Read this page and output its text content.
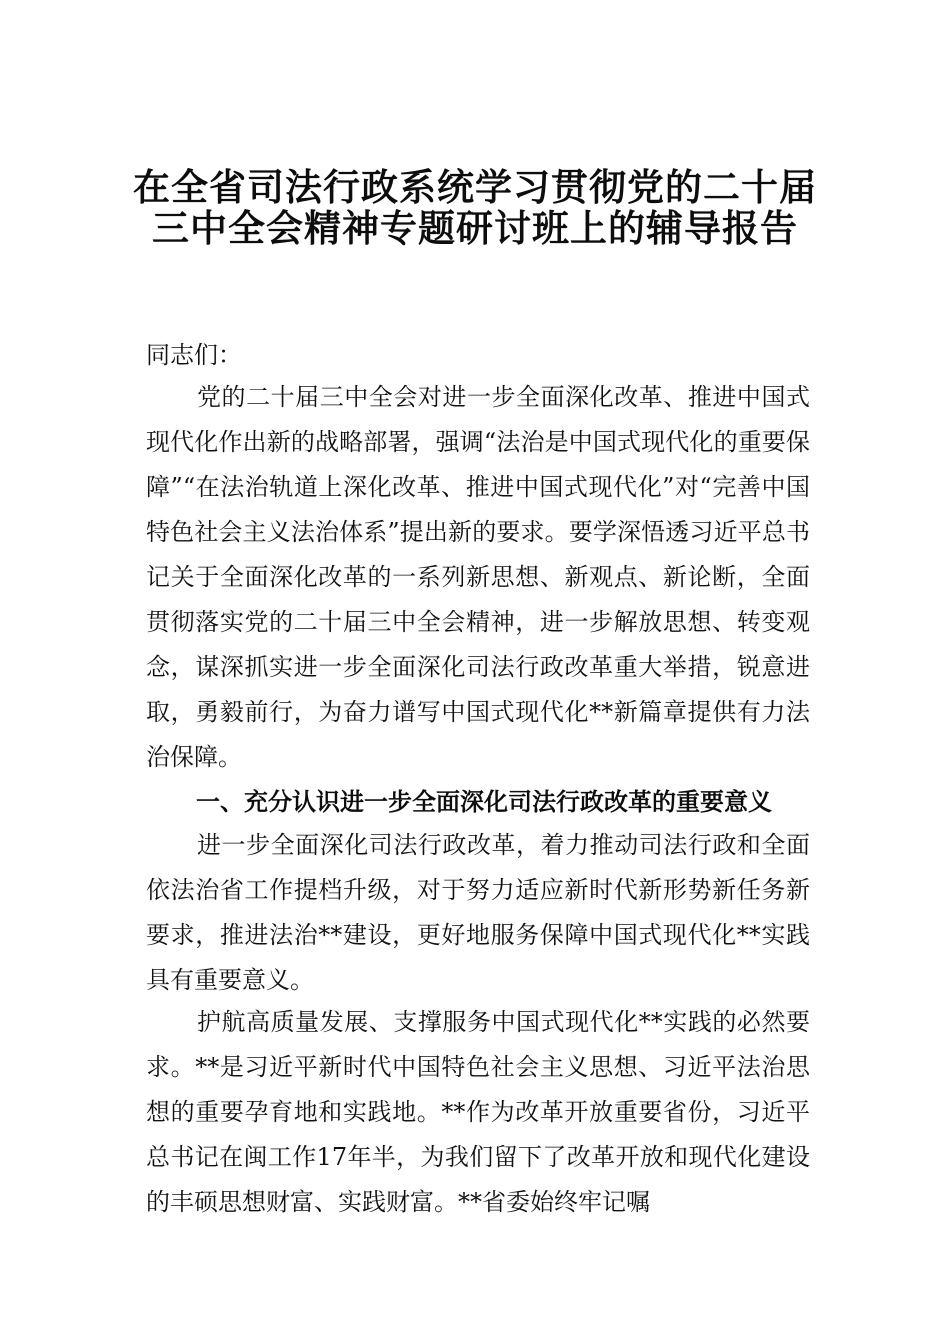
在全省司法行政系统学习贯彻党的二十届
三中全会精神专题研讨班上的辅导报告
同志们：
党的二十届三中全会对进一步全面深化改革、推进中国式现代化作出新的战略部署，强调“法治是中国式现代化的重要保障”“在法治轨道上深化改革、推进中国式现代化”对“完善中国特色社会主义法治体系”提出新的要求。要学深悟透习近平总书记关于全面深化改革的一系列新思想、新观点、新论断，全面贯彻落实党的二十届三中全会精神，进一步解放思想、转变观念，谋深抓实进一步全面深化司法行政改革重大举措，锐意进取，勇毅前行，为奋力谱写中国式现代化**新篇章提供有力法治保障。
一、充分认识进一步全面深化司法行政改革的重要意义
进一步全面深化司法行政改革，着力推动司法行政和全面依法治省工作提档升级，对于努力适应新时代新形势新任务新要求，推进法治**建设，更好地服务保障中国式现代化**实践具有重要意义。
护航高质量发展、支撑服务中国式现代化**实践的必然要求。**是习近平新时代中国特色社会主义思想、习近平法治思想的重要孕育地和实践地。**作为改革开放重要省份，习近平总书记在闽工作17年半，为我们留下了改革开放和现代化建设的丰硕思想财富、实践财富。**省委始终牢记嘱
